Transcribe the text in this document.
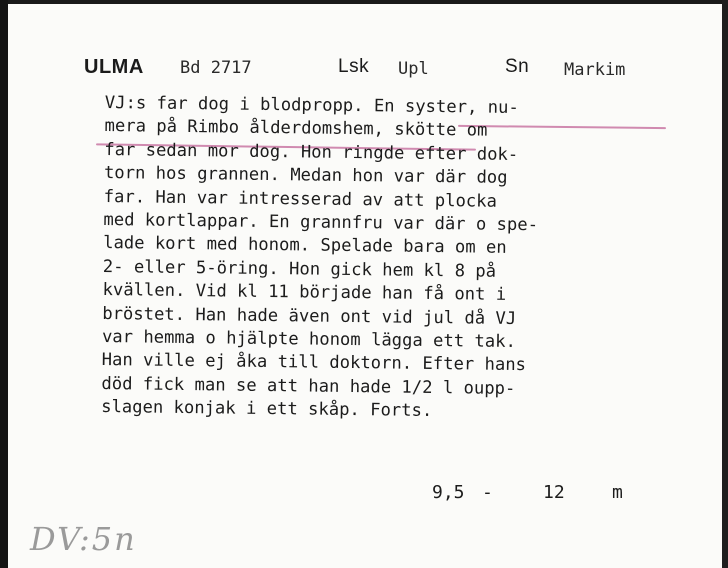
ULMA Bd 2717	Lsk Upl	Sn Markim
VJ:s far dog i blodpropp. En syster, nu-
mera på Rimbo ålderdomshem, skötte om
far sedan mor dog. Hon ringde efter dok-
torn hos grannen. Medan hon var där dog
far. Han var intresserad av att plocka
med kortlappar. En grannfru var där o spe-
lade kort med honom. Spelade bara om en
2- eller 5-öring. Hon gick hem kl 8 på
kvällen. Vid kl 11 började han få ont i
bröstet. Han hade även ont vid jul då VJ
var hemma o hjälpte honom lägga ett tak.
Han ville ej åka till doktorn. Efter hans
död fick man se att han hade 1/2 l oupp-
slagen konjak i ett skåp. Forts.
9,5 -	12	m
DV:5n
